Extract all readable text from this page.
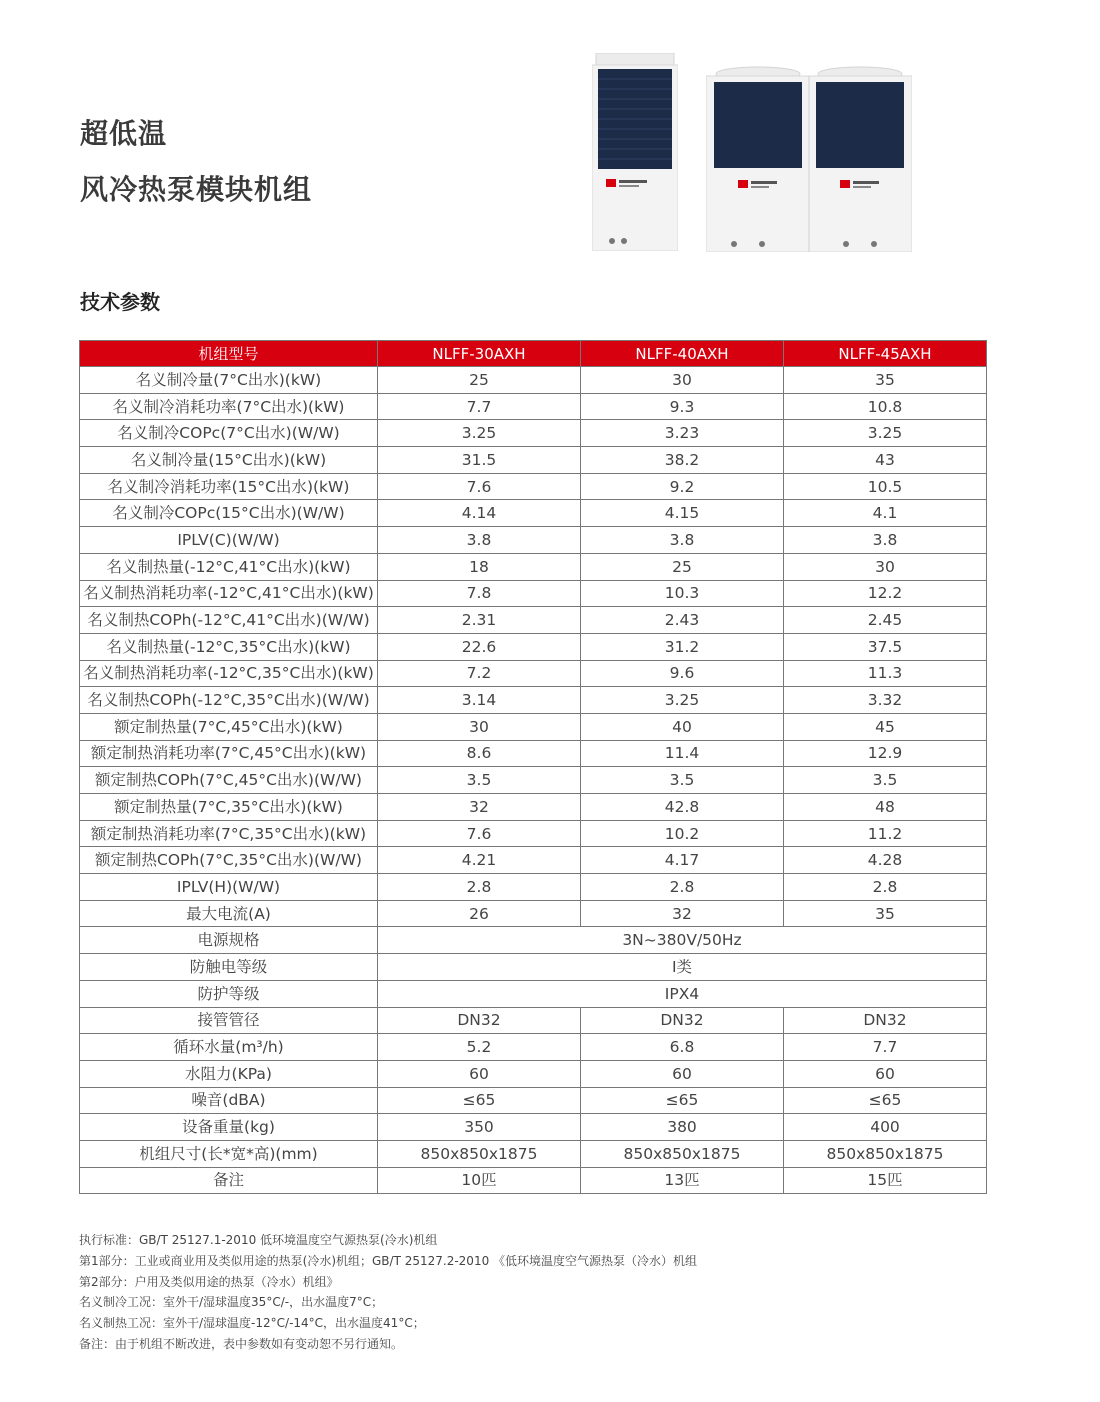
超低温
风冷热泵模块机组
技术参数
机组型号	NLFF-30AXH	NLFF-40AXH	NLFF-45AXH
名义制冷量(7°C出水)(kW)	25	30	35
名义制冷消耗功率(7°C出水)(kW)	7.7	9.3	10.8
名义制冷COPc(7°C出水)(W/W)	3.25	3.23	3.25
名义制冷量(15°C出水)(kW)	31.5	38.2	43
名义制冷消耗功率(15°C出水)(kW)	7.6	9.2	10.5
名义制冷COPc(15°C出水)(W/W)	4.14	4.15	4.1
IPLV(C)(W/W)	3.8	3.8	3.8
名义制热量(-12°C,41°C出水)(kW)	18	25	30
名义制热消耗功率(-12°C,41°C出水)(kW)	7.8	10.3	12.2
名义制热COPh(-12°C,41°C出水)(W/W)	2.31	2.43	2.45
名义制热量(-12°C,35°C出水)(kW)	22.6	31.2	37.5
名义制热消耗功率(-12°C,35°C出水)(kW)	7.2	9.6	11.3
名义制热COPh(-12°C,35°C出水)(W/W)	3.14	3.25	3.32
额定制热量(7°C,45°C出水)(kW)	30	40	45
额定制热消耗功率(7°C,45°C出水)(kW)	8.6	11.4	12.9
额定制热COPh(7°C,45°C出水)(W/W)	3.5	3.5	3.5
额定制热量(7°C,35°C出水)(kW)	32	42.8	48
额定制热消耗功率(7°C,35°C出水)(kW)	7.6	10.2	11.2
额定制热COPh(7°C,35°C出水)(W/W)	4.21	4.17	4.28
IPLV(H)(W/W)	2.8	2.8	2.8
最大电流(A)	26	32	35
电源规格	3N~380V/50Hz		
防触电等级	Ⅰ类		
防护等级	IPX4		
接管管径	DN32	DN32	DN32
循环水量(m³/h)	5.2	6.8	7.7
水阻力(KPa)	60	60	60
噪音(dBA)	≤65	≤65	≤65
设备重量(kg)	350	380	400
机组尺寸(长*宽*高)(mm)	850x850x1875	850x850x1875	850x850x1875
备注	10匹	13匹	15匹

执行标准：GB/T 25127.1-2010 低环境温度空气源热泵(冷水)机组

第1部分：工业或商业用及类似用途的热泵(冷水)机组；GB/T 25127.2-2010 《低环境温度空气源热泵（冷水）机组

第2部分：户用及类似用途的热泵（冷水）机组》

名义制冷工况：室外干/湿球温度35°C/-，出水温度7°C；

名义制热工况：室外干/湿球温度-12°C/-14°C，出水温度41°C；

备注：由于机组不断改进，表中参数如有变动恕不另行通知。
